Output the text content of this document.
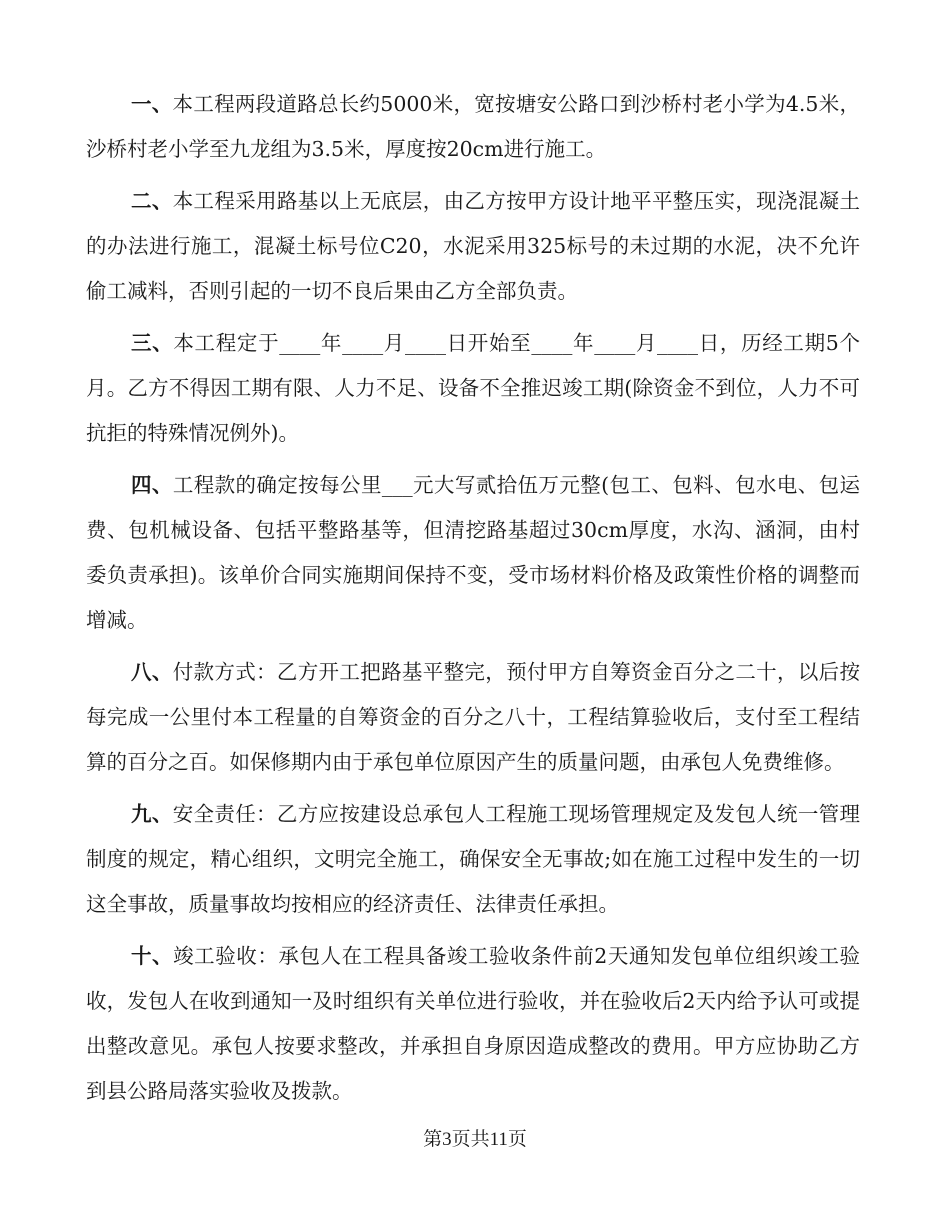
一、本工程两段道路总长约5000米，宽按塘安公路口到沙桥村老小学为4.5米，沙桥村老小学至九龙组为3.5米，厚度按20cm进行施工。

二、本工程采用路基以上无底层，由乙方按甲方设计地平平整压实，现浇混凝土的办法进行施工，混凝土标号位C20，水泥采用325标号的未过期的水泥，决不允许偷工减料，否则引起的一切不良后果由乙方全部负责。

三、本工程定于____年____月____日开始至____年____月____日，历经工期5个月。乙方不得因工期有限、人力不足、设备不全推迟竣工期(除资金不到位，人力不可抗拒的特殊情况例外)。

四、工程款的确定按每公里___元大写贰拾伍万元整(包工、包料、包水电、包运费、包机械设备、包括平整路基等，但清挖路基超过30cm厚度，水沟、涵洞，由村委负责承担)。该单价合同实施期间保持不变，受市场材料价格及政策性价格的调整而增减。

八、付款方式：乙方开工把路基平整完，预付甲方自筹资金百分之二十，以后按每完成一公里付本工程量的自筹资金的百分之八十，工程结算验收后，支付至工程结算的百分之百。如保修期内由于承包单位原因产生的质量问题，由承包人免费维修。

九、安全责任：乙方应按建设总承包人工程施工现场管理规定及发包人统一管理制度的规定，精心组织，文明完全施工，确保安全无事故;如在施工过程中发生的一切这全事故，质量事故均按相应的经济责任、法律责任承担。

十、竣工验收：承包人在工程具备竣工验收条件前2天通知发包单位组织竣工验收，发包人在收到通知一及时组织有关单位进行验收，并在验收后2天内给予认可或提出整改意见。承包人按要求整改，并承担自身原因造成整改的费用。甲方应协助乙方到县公路局落实验收及拨款。

第3页共11页
